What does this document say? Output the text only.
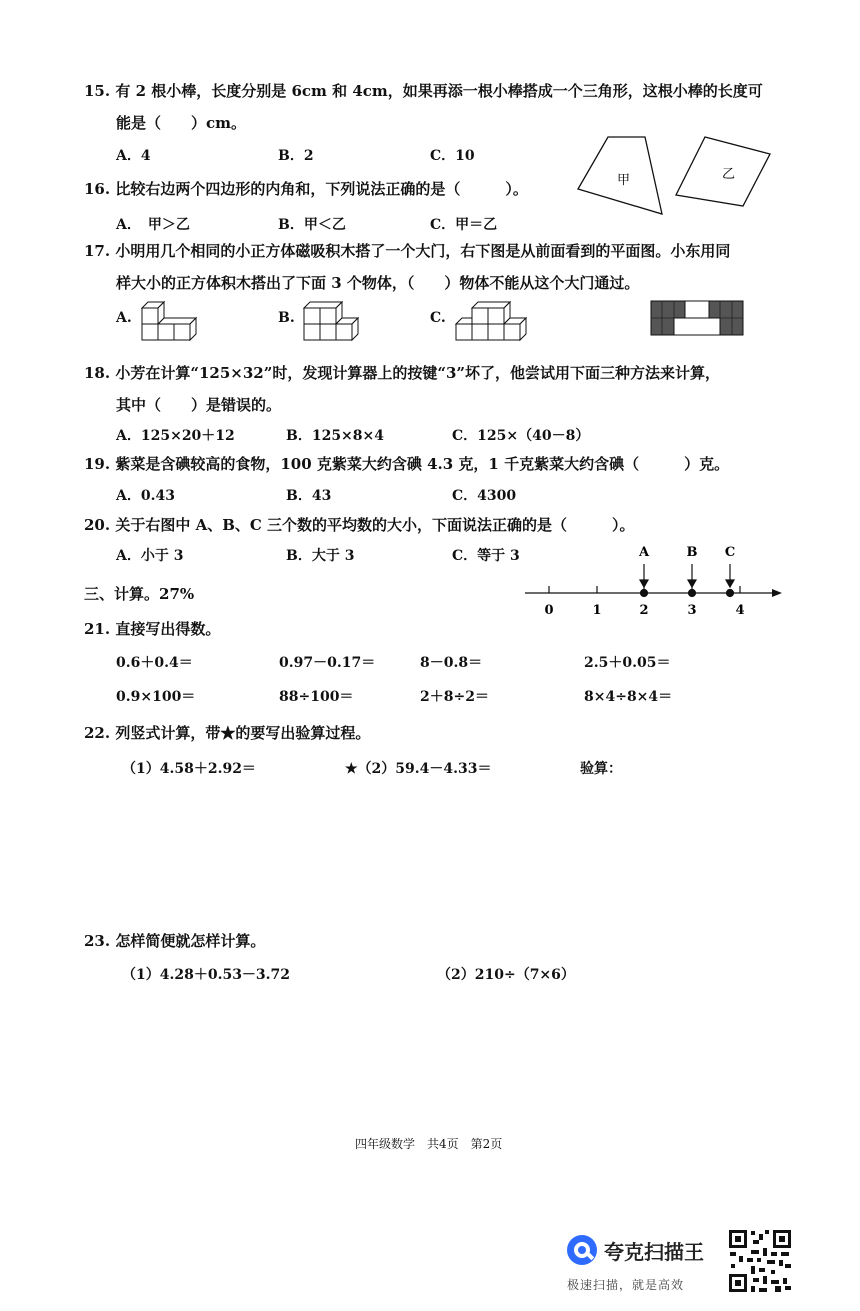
15. 有 2 根小棒，长度分别是 6cm 和 4cm，如果再添一根小棒搭成一个三角形，这根小棒的长度可
能是（　　）cm。
A．4	B．2	C．10
16. 比较右边两个四边形的内角和，下列说法正确的是（　　　）。
A．　甲＞乙	B．甲＜乙	C．甲＝乙
甲	乙
17. 小明用几个相同的小正方体磁吸积木搭了一个大门，右下图是从前面看到的平面图。小东用同
样大小的正方体积木搭出了下面 3 个物体，（　　）物体不能从这个大门通过。
A.	B.	C.
18. 小芳在计算“125×32”时，发现计算器上的按键“3”坏了，他尝试用下面三种方法来计算，
其中（　　）是错误的。
A．125×20＋12	B．125×8×4	C．125×（40－8）
19. 紫菜是含碘较高的食物，100 克紫菜大约含碘 4.3 克，1 千克紫菜大约含碘（　　　）克。
A．0.43	B．43	C．4300
20. 关于右图中 A、B、C 三个数的平均数的大小，下面说法正确的是（　　　）。
A．小于 3	B．大于 3	C．等于 3
0	1	2	3	4
A	B C
三、计算。27%
21. 直接写出得数。
0.6＋0.4＝	0.97－0.17＝	8－0.8＝	2.5＋0.05＝
0.9×100＝	88÷100＝	2＋8÷2＝	8×4÷8×4＝
22. 列竖式计算，带★的要写出验算过程。
（1）4.58＋2.92＝	★（2）59.4－4.33＝	验算：
23. 怎样简便就怎样计算。
（1）4.28＋0.53－3.72	（2）210÷（7×6）
四年级数学　共4页　第2页
夸克扫描王
极速扫描，就是高效
